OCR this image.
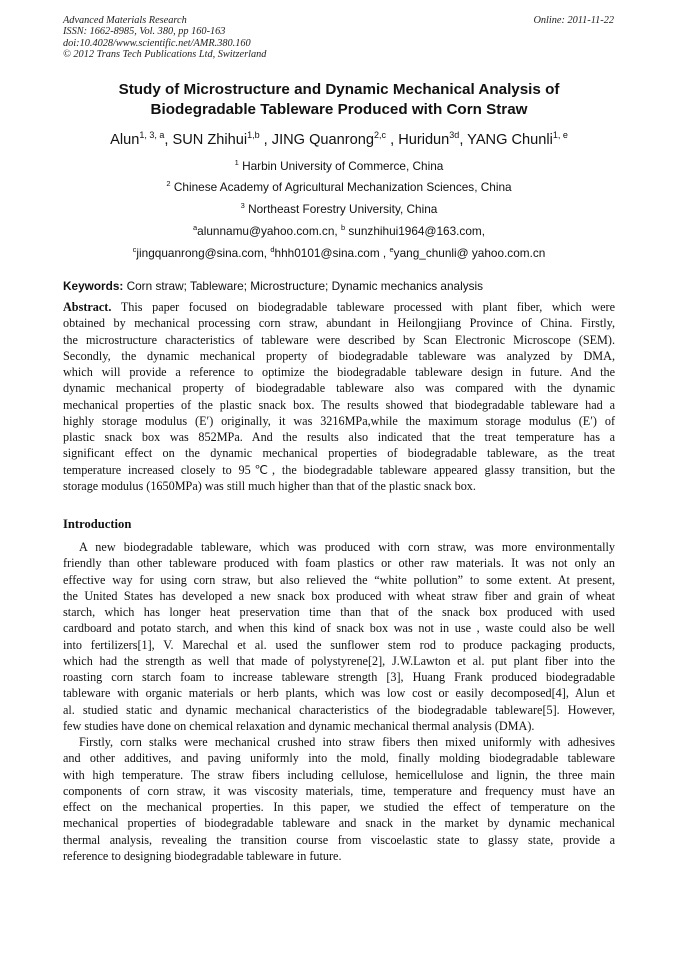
Advanced Materials Research
ISSN: 1662-8985, Vol. 380, pp 160-163
doi:10.4028/www.scientific.net/AMR.380.160
© 2012 Trans Tech Publications Ltd, Switzerland
Online: 2011-11-22
Study of Microstructure and Dynamic Mechanical Analysis of
Biodegradable Tableware Produced with Corn Straw
Alun$^{1, 3, a}$, SUN Zhihui$^{1,b}$ , JING Quanrong$^{2,c}$ , Huridun$^{3d}$, YANG Chunli$^{1, e}$
$^1$ Harbin University of Commerce, China
$^2$ Chinese Academy of Agricultural Mechanization Sciences, China
$^3$ Northeast Forestry University, China
$^a$alunnamu@yahoo.com.cn, $^b$ sunzhihui1964@163.com,
$^c$jingquanrong@sina.com, $^d$hhh0101@sina.com , $^e$yang_chunli@ yahoo.com.cn
Keywords: Corn straw; Tableware; Microstructure; Dynamic mechanics analysis
Abstract. This paper focused on biodegradable tableware processed with plant fiber, which were
obtained by mechanical processing corn straw, abundant in Heilongjiang Province of China. Firstly,
the microstructure characteristics of tableware were described by Scan Electronic Microscope (SEM).
Secondly, the dynamic mechanical property of biodegradable tableware was analyzed by DMA,
which will provide a reference to optimize the biodegradable tableware design in future. And the
dynamic mechanical property of biodegradable tableware also was compared with the dynamic
mechanical properties of the plastic snack box. The results showed that biodegradable tableware had a
highly storage modulus (E′) originally, it was 3216MPa,while the maximum storage modulus (E′) of
plastic snack box was 852MPa. And the results also indicated that the treat temperature has a
significant effect on the dynamic mechanical properties of biodegradable tableware, as the treat
temperature increased closely to 95℃, the biodegradable tableware appeared glassy transition, but the
storage modulus (1650MPa) was still much higher than that of the plastic snack box.
Introduction
A new biodegradable tableware, which was produced with corn straw, was more environmentally
friendly than other tableware produced with foam plastics or other raw materials. It was not only an
effective way for using corn straw, but also relieved the “white pollution” to some extent. At present,
the United States has developed a new snack box produced with wheat straw fiber and grain of wheat
starch, which has longer heat preservation time than that of the snack box produced with used
cardboard and potato starch, and when this kind of snack box was not in use , waste could also be well
into fertilizers[1], V. Marechal et al. used the sunflower stem rod to produce packaging products,
which had the strength as well that made of polystyrene[2], J.W.Lawton et al. put plant fiber into the
roasting corn starch foam to increase tableware strength [3], Huang Frank produced biodegradable
tableware with organic materials or herb plants, which was low cost or easily decomposed[4], Alun et
al. studied static and dynamic mechanical characteristics of the biodegradable tableware[5]. However,
few studies have done on chemical relaxation and dynamic mechanical thermal analysis (DMA).
Firstly, corn stalks were mechanical crushed into straw fibers then mixed uniformly with adhesives
and other additives, and paving uniformly into the mold, finally molding biodegradable tableware
with high temperature. The straw fibers including cellulose, hemicellulose and lignin, the three main
components of corn straw, it was viscosity materials, time, temperature and frequency must have an
effect on the mechanical properties. In this paper, we studied the effect of temperature on the
mechanical properties of biodegradable tableware and snack in the market by dynamic mechanical
thermal analysis, revealing the transition course from viscoelastic state to glassy state, provide a
reference to designing biodegradable tableware in future.
